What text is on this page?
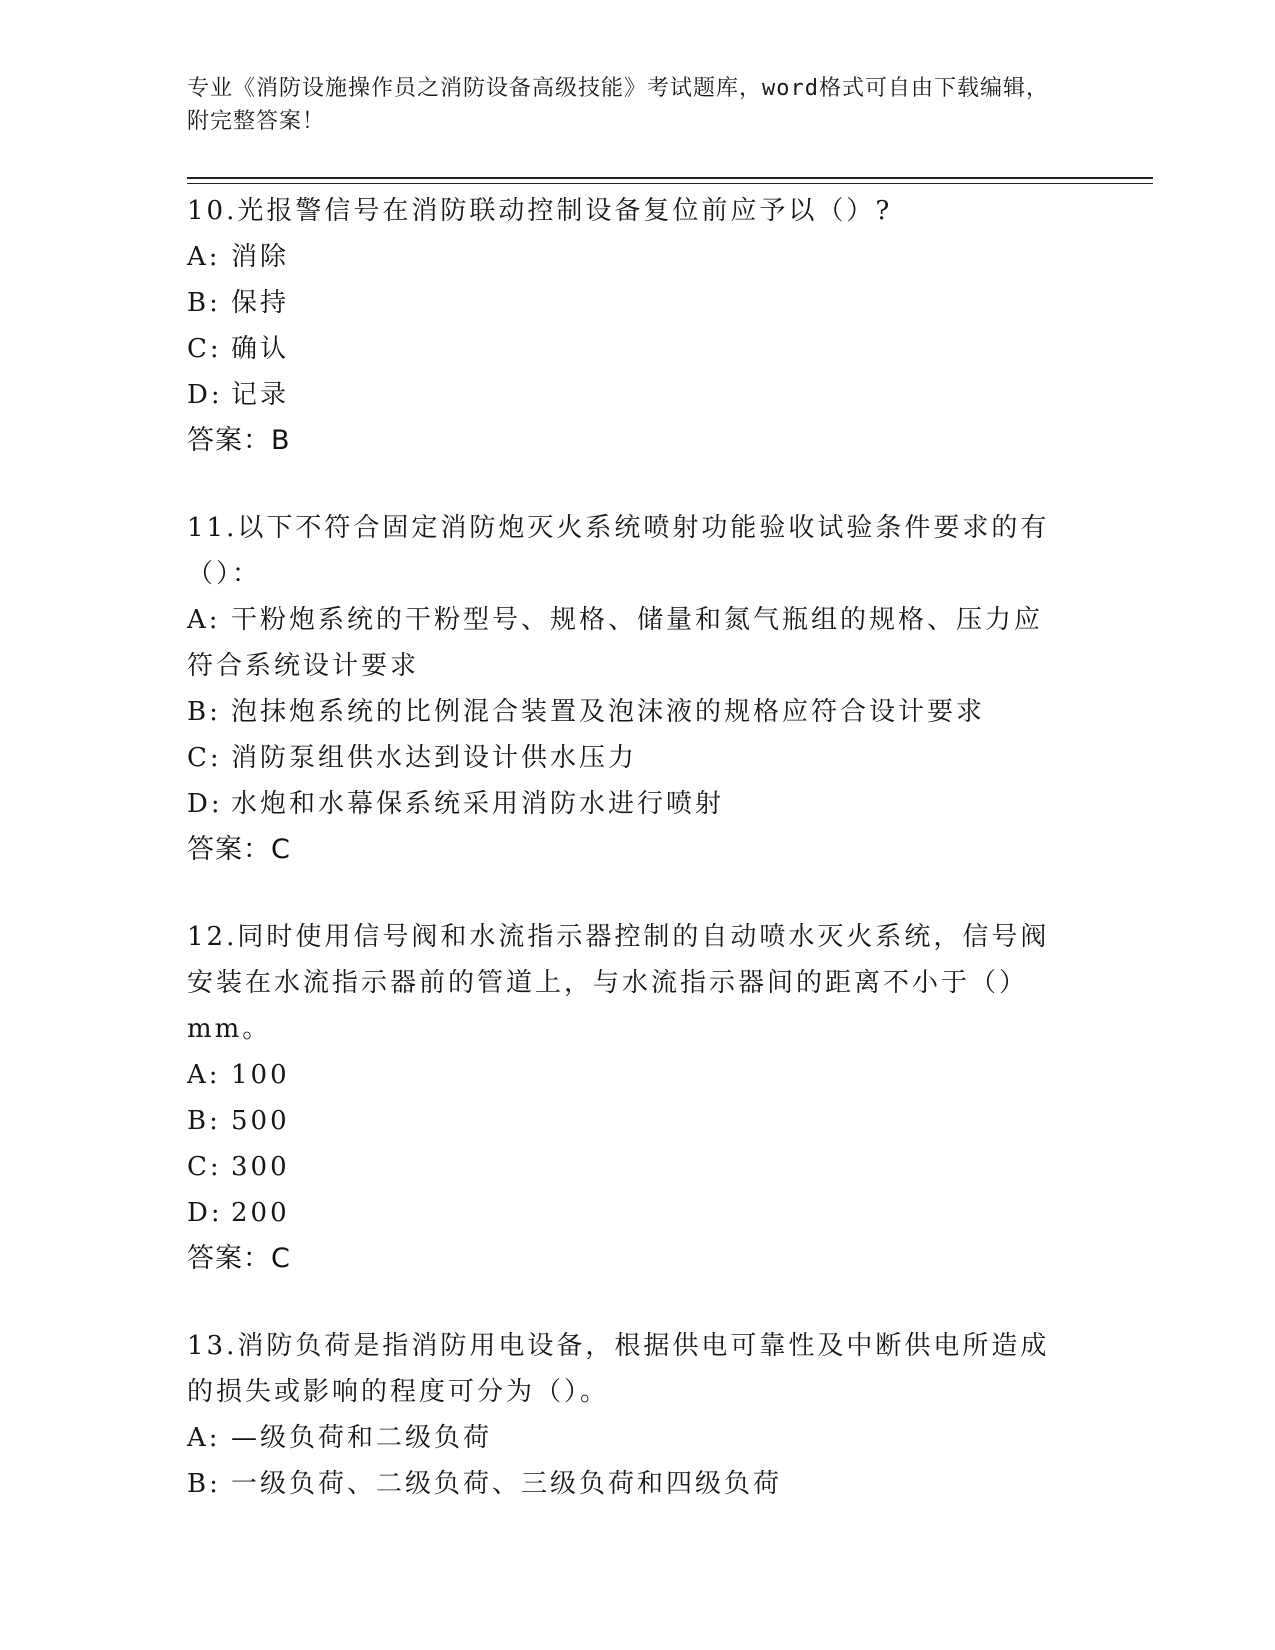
专业《消防设施操作员之消防设备高级技能》考试题库，word格式可自由下载编辑，附完整答案！
10.光报警信号在消防联动控制设备复位前应予以（）?
A: 消除
B: 保持
C: 确认
D: 记录
答案：B
11.以下不符合固定消防炮灭火系统喷射功能验收试验条件要求的有（）：
A: 干粉炮系统的干粉型号、规格、储量和氮气瓶组的规格、压力应符合系统设计要求
B: 泡抹炮系统的比例混合装置及泡沫液的规格应符合设计要求
C: 消防泵组供水达到设计供水压力
D: 水炮和水幕保系统采用消防水进行喷射
答案：C
12.同时使用信号阀和水流指示器控制的自动喷水灭火系统，信号阀安装在水流指示器前的管道上，与水流指示器间的距离不小于（）mm。
A: 100
B: 500
C: 300
D: 200
答案：C
13.消防负荷是指消防用电设备，根据供电可靠性及中断供电所造成的损失或影响的程度可分为（）。
A: —级负荷和二级负荷
B: 一级负荷、二级负荷、三级负荷和四级负荷
